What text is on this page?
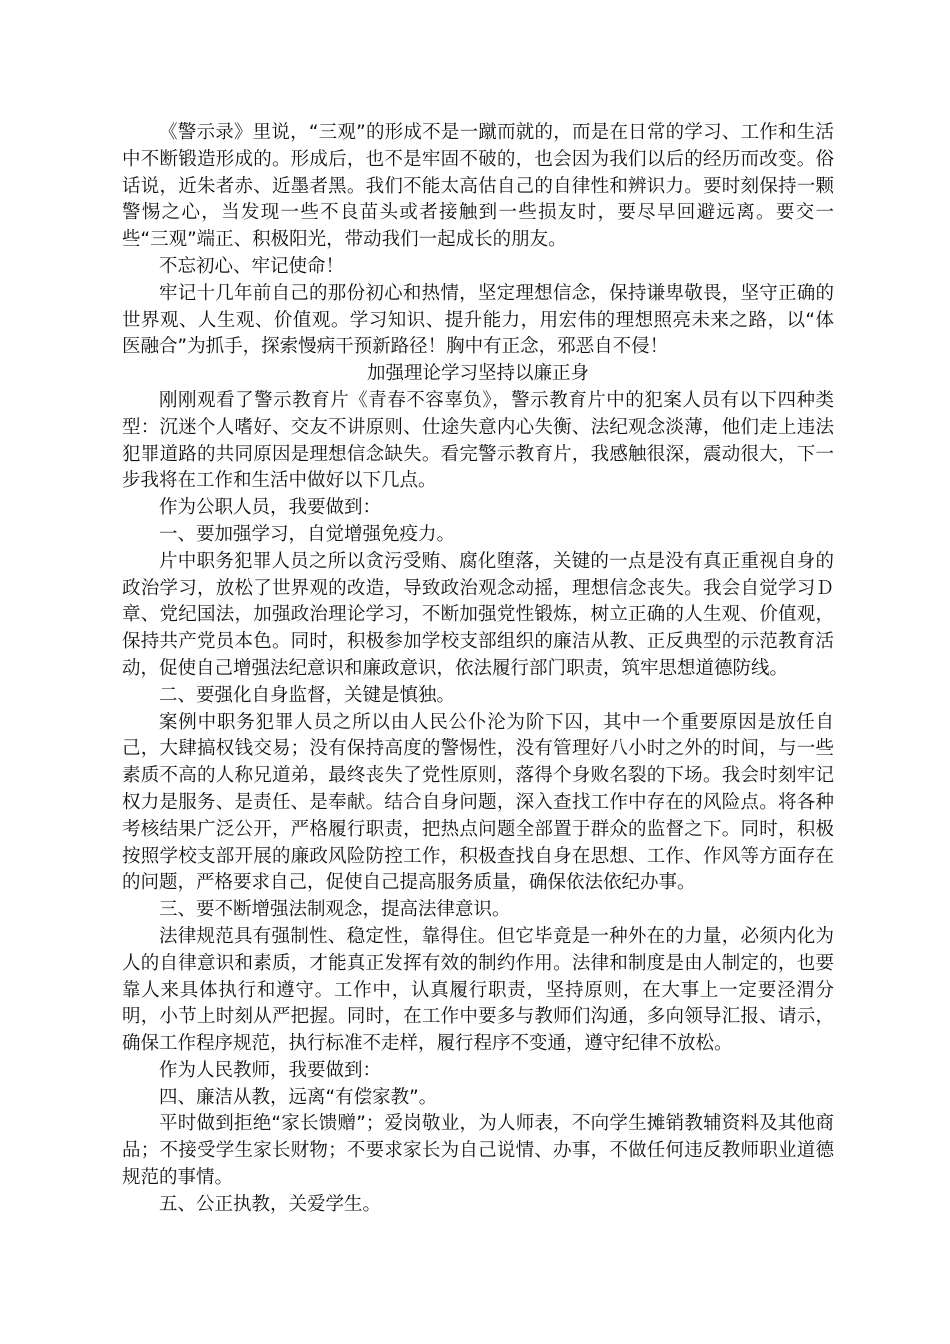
《警示录》里说，“三观”的形成不是一蹴而就的，而是在日常的学习、工作和生活中不断锻造形成的。形成后，也不是牢固不破的，也会因为我们以后的经历而改变。俗话说，近朱者赤、近墨者黑。我们不能太高估自己的自律性和辨识力。要时刻保持一颗警惕之心，当发现一些不良苗头或者接触到一些损友时，要尽早回避远离。要交一些“三观”端正、积极阳光，带动我们一起成长的朋友。

不忘初心、牢记使命！

牢记十几年前自己的那份初心和热情，坚定理想信念，保持谦卑敬畏，坚守正确的世界观、人生观、价值观。学习知识、提升能力，用宏伟的理想照亮未来之路，以“体医融合”为抓手，探索慢病干预新路径！胸中有正念，邪恶自不侵！

加强理论学习坚持以廉正身

刚刚观看了警示教育片《青春不容辜负》，警示教育片中的犯案人员有以下四种类型：沉迷个人嗜好、交友不讲原则、仕途失意内心失衡、法纪观念淡薄，他们走上违法犯罪道路的共同原因是理想信念缺失。看完警示教育片，我感触很深，震动很大，下一步我将在工作和生活中做好以下几点。

作为公职人员，我要做到：

一、要加强学习，自觉增强免疫力。

片中职务犯罪人员之所以贪污受贿、腐化堕落，关键的一点是没有真正重视自身的政治学习，放松了世界观的改造，导致政治观念动摇，理想信念丧失。我会自觉学习Ｄ章、党纪国法，加强政治理论学习，不断加强党性锻炼，树立正确的人生观、价值观，保持共产党员本色。同时，积极参加学校支部组织的廉洁从教、正反典型的示范教育活动，促使自己增强法纪意识和廉政意识，依法履行部门职责，筑牢思想道德防线。

二、要强化自身监督，关键是慎独。

案例中职务犯罪人员之所以由人民公仆沦为阶下囚，其中一个重要原因是放任自己，大肆搞权钱交易；没有保持高度的警惕性，没有管理好八小时之外的时间，与一些素质不高的人称兄道弟，最终丧失了党性原则，落得个身败名裂的下场。我会时刻牢记权力是服务、是责任、是奉献。结合自身问题，深入查找工作中存在的风险点。将各种考核结果广泛公开，严格履行职责，把热点问题全部置于群众的监督之下。同时，积极按照学校支部开展的廉政风险防控工作，积极查找自身在思想、工作、作风等方面存在的问题，严格要求自己，促使自己提高服务质量，确保依法依纪办事。

三、要不断增强法制观念，提高法律意识。

法律规范具有强制性、稳定性，靠得住。但它毕竟是一种外在的力量，必须内化为人的自律意识和素质，才能真正发挥有效的制约作用。法律和制度是由人制定的，也要靠人来具体执行和遵守。工作中，认真履行职责，坚持原则，在大事上一定要泾渭分明，小节上时刻从严把握。同时，在工作中要多与教师们沟通，多向领导汇报、请示，确保工作程序规范，执行标准不走样，履行程序不变通，遵守纪律不放松。

作为人民教师，我要做到：

四、廉洁从教，远离“有偿家教”。

平时做到拒绝“家长馈赠”；爱岗敬业，为人师表，不向学生摊销教辅资料及其他商品；不接受学生家长财物；不要求家长为自己说情、办事，不做任何违反教师职业道德规范的事情。

五、公正执教，关爱学生。
